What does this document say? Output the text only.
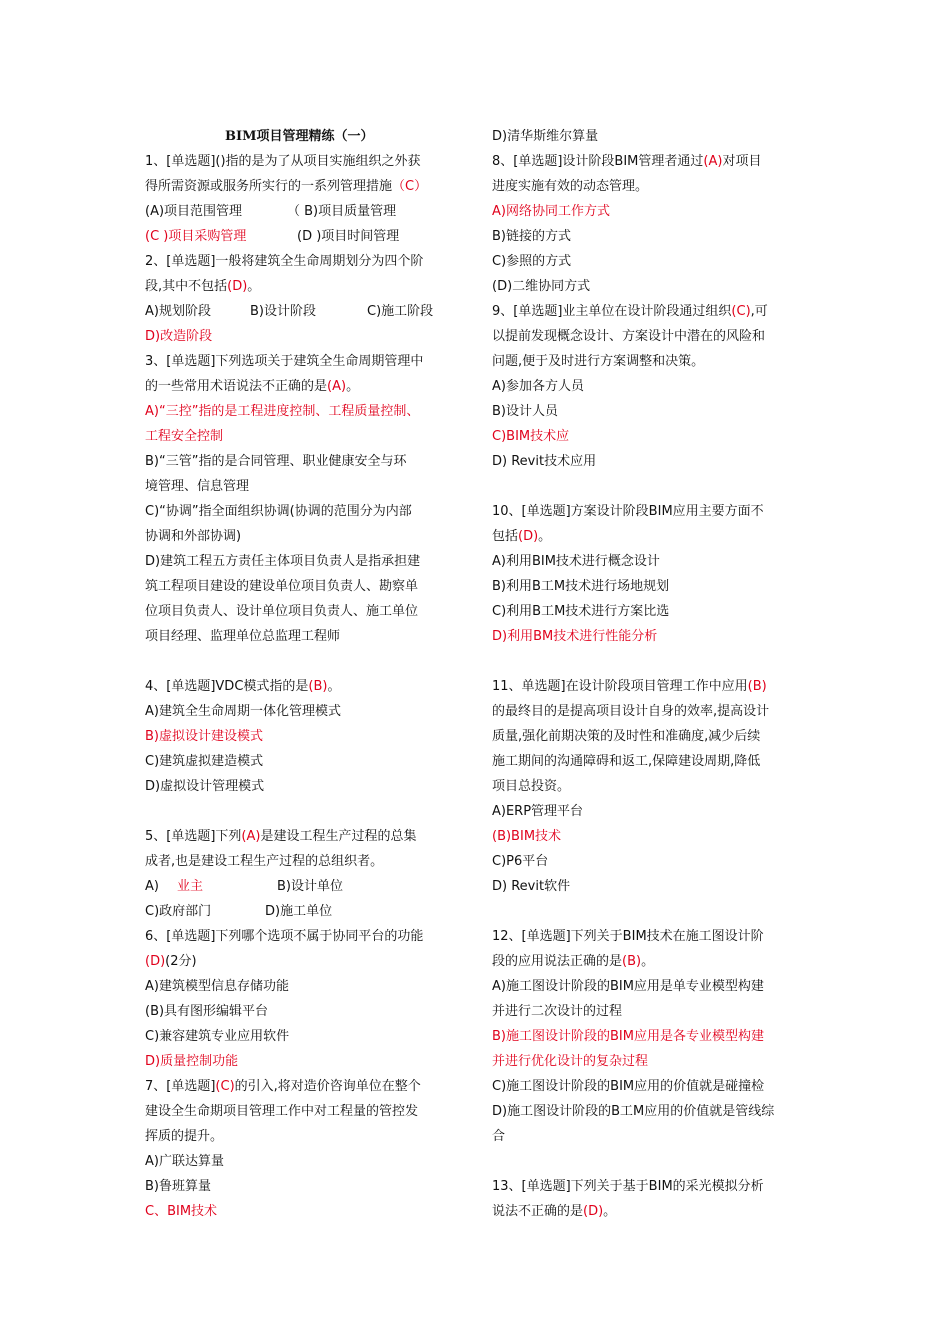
BIM项目管理精练（一）
1、[单选题]()指的是为了从项目实施组织之外获
得所需资源或服务所实行的一系列管理措施（C）
(A)项目范围管理	（ B)项目质量管理
(C )项目采购管理	(D )项目时间管理
2、[单选题]一般将建筑全生命周期划分为四个阶
段,其中不包括(D)。
A)规划阶段	B)设计阶段	C)施工阶段
D)改造阶段
3、[单选题]下列选项关于建筑全生命周期管理中
的一些常用术语说法不正确的是(A)。
A)“三控”指的是工程进度控制、工程质量控制、
工程安全控制
B)“三管”指的是合同管理、职业健康安全与环
境管理、信息管理
C)“协调”指全面组织协调(协调的范围分为内部
协调和外部协调)
D)建筑工程五方责任主体项目负责人是指承担建
筑工程项目建设的建设单位项目负责人、勘察单
位项目负责人、设计单位项目负责人、施工单位
项目经理、监理单位总监理工程师
4、[单选题]VDC模式指的是(B)。
A)建筑全生命周期一体化管理模式
B)虚拟设计建设模式
C)建筑虚拟建造模式
D)虚拟设计管理模式
5、[单选题]下列(A)是建设工程生产过程的总集
成者,也是建设工程生产过程的总组织者。
A)	业主	B)设计单位
C)政府部门	D)施工单位
6、[单选题]下列哪个选项不属于协同平台的功能
(D)(2分)
A)建筑模型信息存储功能
(B)具有图形编辑平台
C)兼容建筑专业应用软件
D)质量控制功能
7、[单选题](C)的引入,将对造价咨询单位在整个
建设全生命期项目管理工作中对工程量的管控发
挥质的提升。
A)广联达算量
B)鲁班算量
C、BIM技术
D)清华斯维尔算量
8、[单选题]设计阶段BIM管理者通过(A)对项目
进度实施有效的动态管理。
A)网络协同工作方式
B)链接的方式
C)参照的方式
(D)二维协同方式
9、[单选题]业主单位在设计阶段通过组织(C),可
以提前发现概念设计、方案设计中潜在的风险和
问题,便于及时进行方案调整和决策。
A)参加各方人员
B)设计人员
C)BIM技术应
D) Revit技术应用
10、[单选题]方案设计阶段BIM应用主要方面不
包括(D)。
A)利用BIM技术进行概念设计
B)利用B工M技术进行场地规划
C)利用B工M技术进行方案比选
D)利用BM技术进行性能分析
11、单选题]在设计阶段项目管理工作中应用(B)
的最终目的是提高项目设计自身的效率,提高设计
质量,强化前期决策的及时性和准确度,减少后续
施工期间的沟通障碍和返工,保障建设周期,降低
项目总投资。
A)ERP管理平台
(B)BIM技术
C)P6平台
D) Revit软件
12、[单选题]下列关于BIM技术在施工图设计阶
段的应用说法正确的是(B)。
A)施工图设计阶段的BIM应用是单专业模型构建
并进行二次设计的过程
B)施工图设计阶段的BIM应用是各专业模型构建
并进行优化设计的复杂过程
C)施工图设计阶段的BIM应用的价值就是碰撞检
D)施工图设计阶段的B工M应用的价值就是管线综
合
13、[单选题]下列关于基于BIM的采光模拟分析
说法不正确的是(D)。
